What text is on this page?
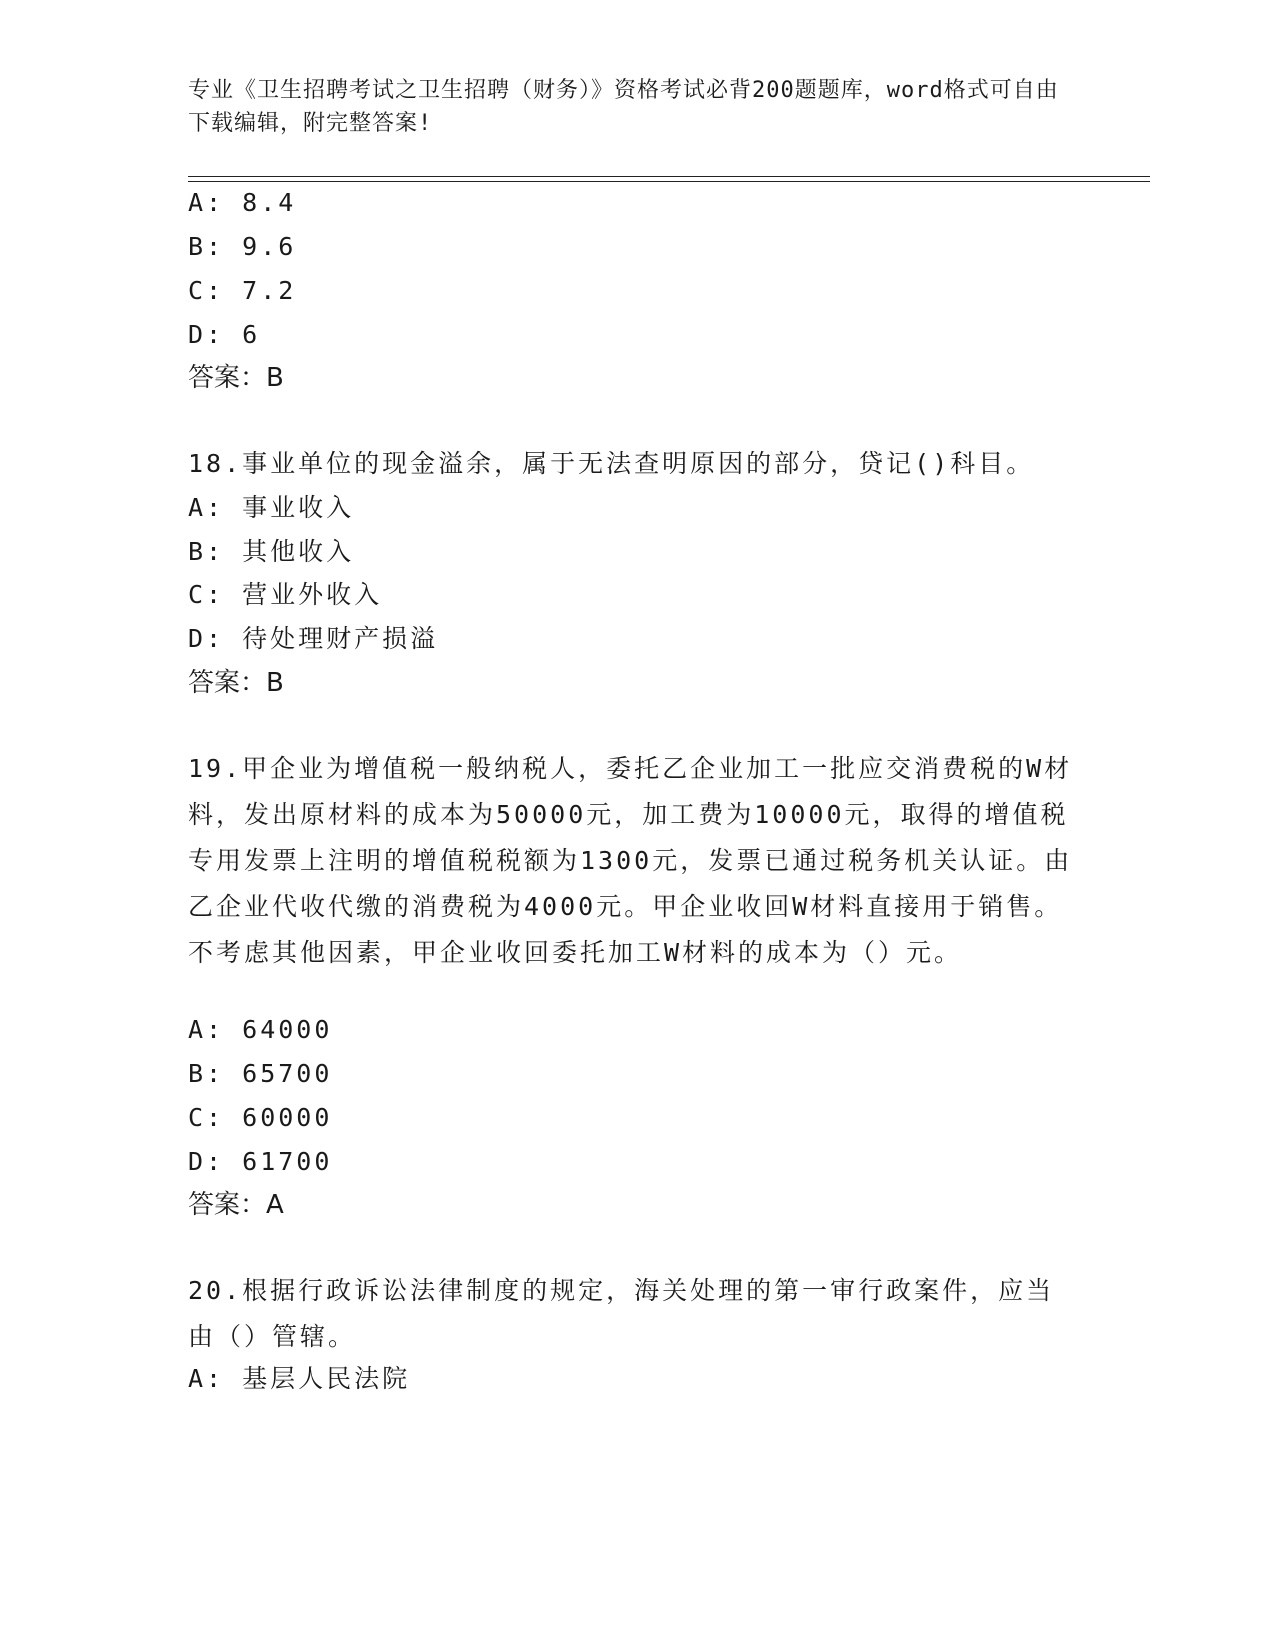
专业《卫生招聘考试之卫生招聘（财务）》资格考试必背200题题库，word格式可自由下载编辑，附完整答案!
A: 8.4
B: 9.6
C: 7.2
D: 6
答案：B
18.事业单位的现金溢余，属于无法查明原因的部分，贷记()科目。
A: 事业收入
B: 其他收入
C: 营业外收入
D: 待处理财产损溢
答案：B
19.甲企业为增值税一般纳税人，委托乙企业加工一批应交消费税的W材料，发出原材料的成本为50000元，加工费为10000元，取得的增值税专用发票上注明的增值税税额为1300元，发票已通过税务机关认证。由乙企业代收代缴的消费税为4000元。甲企业收回W材料直接用于销售。不考虑其他因素，甲企业收回委托加工W材料的成本为（）元。
A: 64000
B: 65700
C: 60000
D: 61700
答案：A
20.根据行政诉讼法律制度的规定，海关处理的第一审行政案件，应当由（）管辖。
A: 基层人民法院
